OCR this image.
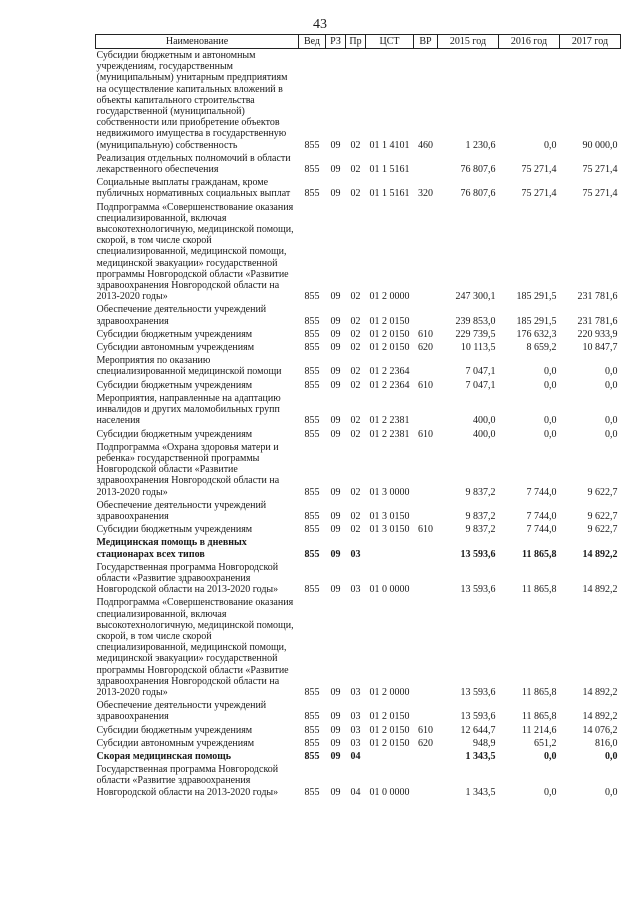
43
Наименование	Вед	РЗ	Пр	ЦСТ	ВР	2015 год	2016 год	2017 год
Субсидии бюджетным и автономным учреждениям, государственным (муниципальным) унитарным предприятиям на осуществление капитальных вложений в объекты капитального строительства государственной (муниципальной) собственности или приобретение объектов недвижимого имущества в государственную (муниципальную) собственность	855	09	02	01 1 4101	460	1 230,6	0,0	90 000,0
Реализация отдельных полномочий в области лекарственного обеспечения	855	09	02	01 1 5161		76 807,6	75 271,4	75 271,4
Социальные выплаты гражданам, кроме публичных нормативных социальных выплат	855	09	02	01 1 5161	320	76 807,6	75 271,4	75 271,4
Подпрограмма «Совершенствование оказания специализированной, включая высокотехнологичную, медицинской помощи, скорой, в том числе скорой специализированной, медицинской помощи, медицинской эвакуации» государственной программы Новгородской области «Развитие здравоохранения Новгородской области на 2013-2020 годы»	855	09	02	01 2 0000		247 300,1	185 291,5	231 781,6
Обеспечение деятельности учреждений здравоохранения	855	09	02	01 2 0150		239 853,0	185 291,5	231 781,6
Субсидии бюджетным учреждениям	855	09	02	01 2 0150	610	229 739,5	176 632,3	220 933,9
Субсидии автономным учреждениям	855	09	02	01 2 0150	620	10 113,5	8 659,2	10 847,7
Мероприятия по оказанию специализированной медицинской помощи	855	09	02	01 2 2364		7 047,1	0,0	0,0
Субсидии бюджетным учреждениям	855	09	02	01 2 2364	610	7 047,1	0,0	0,0
Мероприятия, направленные на адаптацию инвалидов и других маломобильных групп населения	855	09	02	01 2 2381		400,0	0,0	0,0
Субсидии бюджетным учреждениям	855	09	02	01 2 2381	610	400,0	0,0	0,0
Подпрограмма «Охрана здоровья матери и ребенка» государственной программы Новгородской области «Развитие здравоохранения Новгородской области на 2013-2020 годы»	855	09	02	01 3 0000		9 837,2	7 744,0	9 622,7
Обеспечение деятельности учреждений здравоохранения	855	09	02	01 3 0150		9 837,2	7 744,0	9 622,7
Субсидии бюджетным учреждениям	855	09	02	01 3 0150	610	9 837,2	7 744,0	9 622,7
Медицинская помощь в дневных стационарах всех типов	855	09	03			13 593,6	11 865,8	14 892,2
Государственная программа Новгородской области «Развитие здравоохранения Новгородской области на 2013-2020 годы»	855	09	03	01 0 0000		13 593,6	11 865,8	14 892,2
Подпрограмма «Совершенствование оказания специализированной, включая высокотехнологичную, медицинской помощи, скорой, в том числе скорой специализированной, медицинской помощи, медицинской эвакуации» государственной программы Новгородской области «Развитие здравоохранения Новгородской области на 2013-2020 годы»	855	09	03	01 2 0000		13 593,6	11 865,8	14 892,2
Обеспечение деятельности учреждений здравоохранения	855	09	03	01 2 0150		13 593,6	11 865,8	14 892,2
Субсидии бюджетным учреждениям	855	09	03	01 2 0150	610	12 644,7	11 214,6	14 076,2
Субсидии автономным учреждениям	855	09	03	01 2 0150	620	948,9	651,2	816,0
Скорая медицинская помощь	855	09	04			1 343,5	0,0	0,0
Государственная программа Новгородской области «Развитие здравоохранения Новгородской области на 2013-2020 годы»	855	09	04	01 0 0000		1 343,5	0,0	0,0
